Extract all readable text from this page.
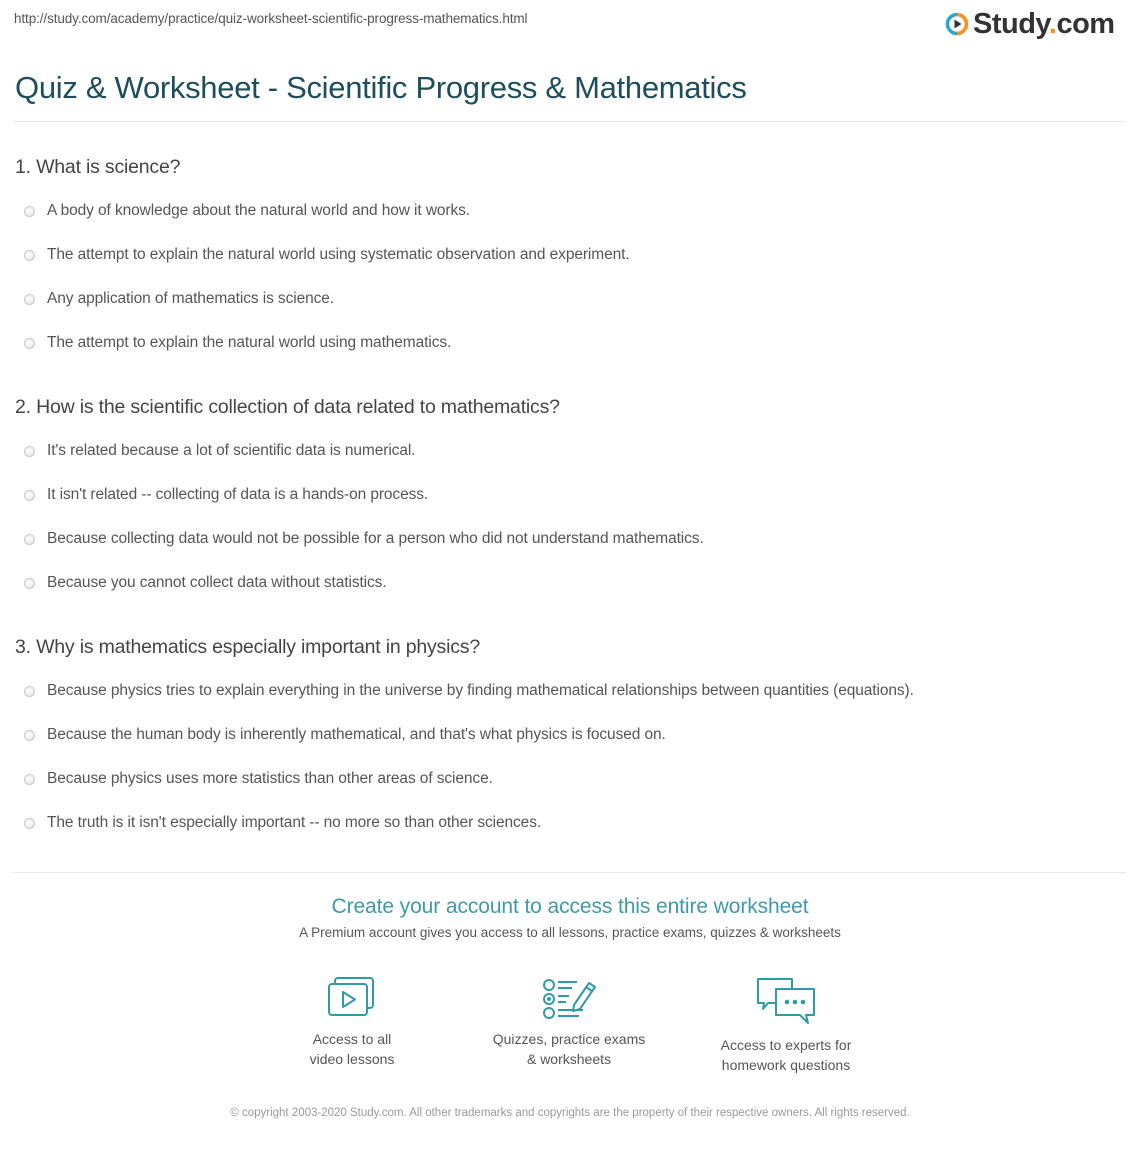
http://study.com/academy/practice/quiz-worksheet-scientific-progress-mathematics.html	Study.com
Quiz & Worksheet - Scientific Progress & Mathematics
1. What is science?
A body of knowledge about the natural world and how it works.
The attempt to explain the natural world using systematic observation and experiment.
Any application of mathematics is science.
The attempt to explain the natural world using mathematics.
2. How is the scientific collection of data related to mathematics?
It's related because a lot of scientific data is numerical.
It isn't related -- collecting of data is a hands-on process.
Because collecting data would not be possible for a person who did not understand mathematics.
Because you cannot collect data without statistics.
3. Why is mathematics especially important in physics?
Because physics tries to explain everything in the universe by finding mathematical relationships between quantities (equations).
Because the human body is inherently mathematical, and that's what physics is focused on.
Because physics uses more statistics than other areas of science.
The truth is it isn't especially important -- no more so than other sciences.
Create your account to access this entire worksheet
A Premium account gives you access to all lessons, practice exams, quizzes & worksheets
Access to all
video lessons
Quizzes, practice exams
& worksheets
Access to experts for
homework questions
© copyright 2003-2020 Study.com. All other trademarks and copyrights are the property of their respective owners. All rights reserved.
